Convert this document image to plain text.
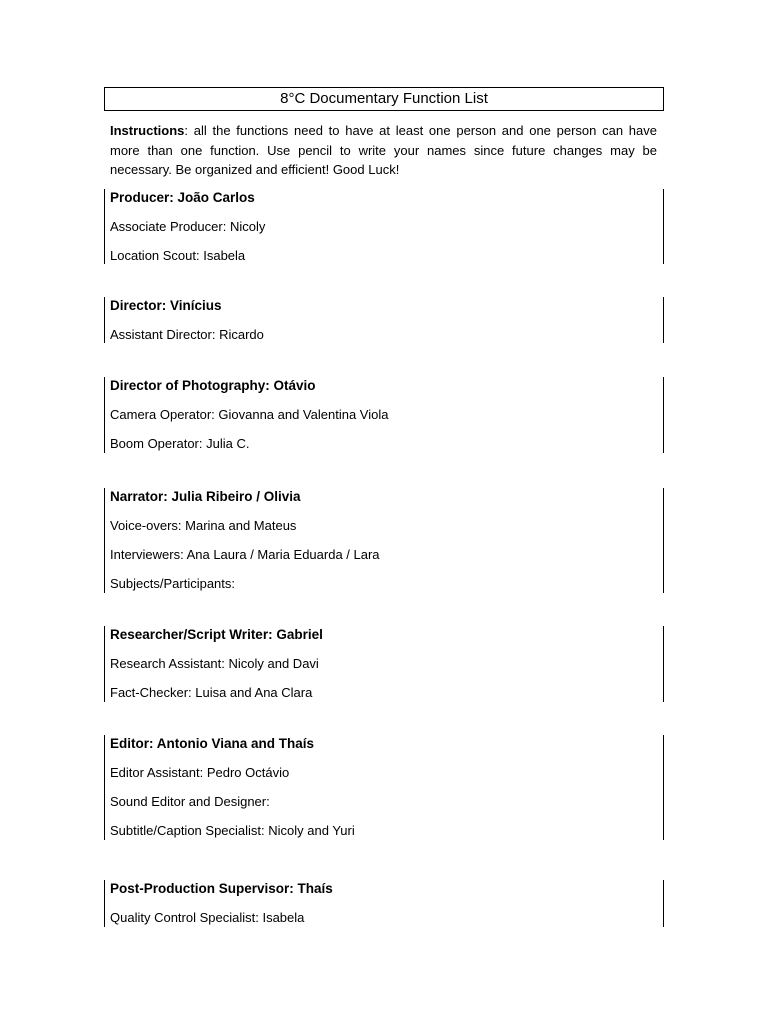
8°C Documentary Function List
Instructions: all the functions need to have at least one person and one person can have more than one function. Use pencil to write your names since future changes may be necessary. Be organized and efficient! Good Luck!
Producer: João Carlos
Associate Producer: Nicoly
Location Scout: Isabela
Director: Vinícius
Assistant Director: Ricardo
Director of Photography: Otávio
Camera Operator: Giovanna and Valentina Viola
Boom Operator: Julia C.
Narrator: Julia Ribeiro / Olivia
Voice-overs: Marina and Mateus
Interviewers: Ana Laura / Maria Eduarda / Lara
Subjects/Participants:
Researcher/Script Writer: Gabriel
Research Assistant: Nicoly and Davi
Fact-Checker: Luisa and Ana Clara
Editor: Antonio Viana and Thaís
Editor Assistant: Pedro Octávio
Sound Editor and Designer:
Subtitle/Caption Specialist: Nicoly and Yuri
Post-Production Supervisor: Thaís
Quality Control Specialist: Isabela
